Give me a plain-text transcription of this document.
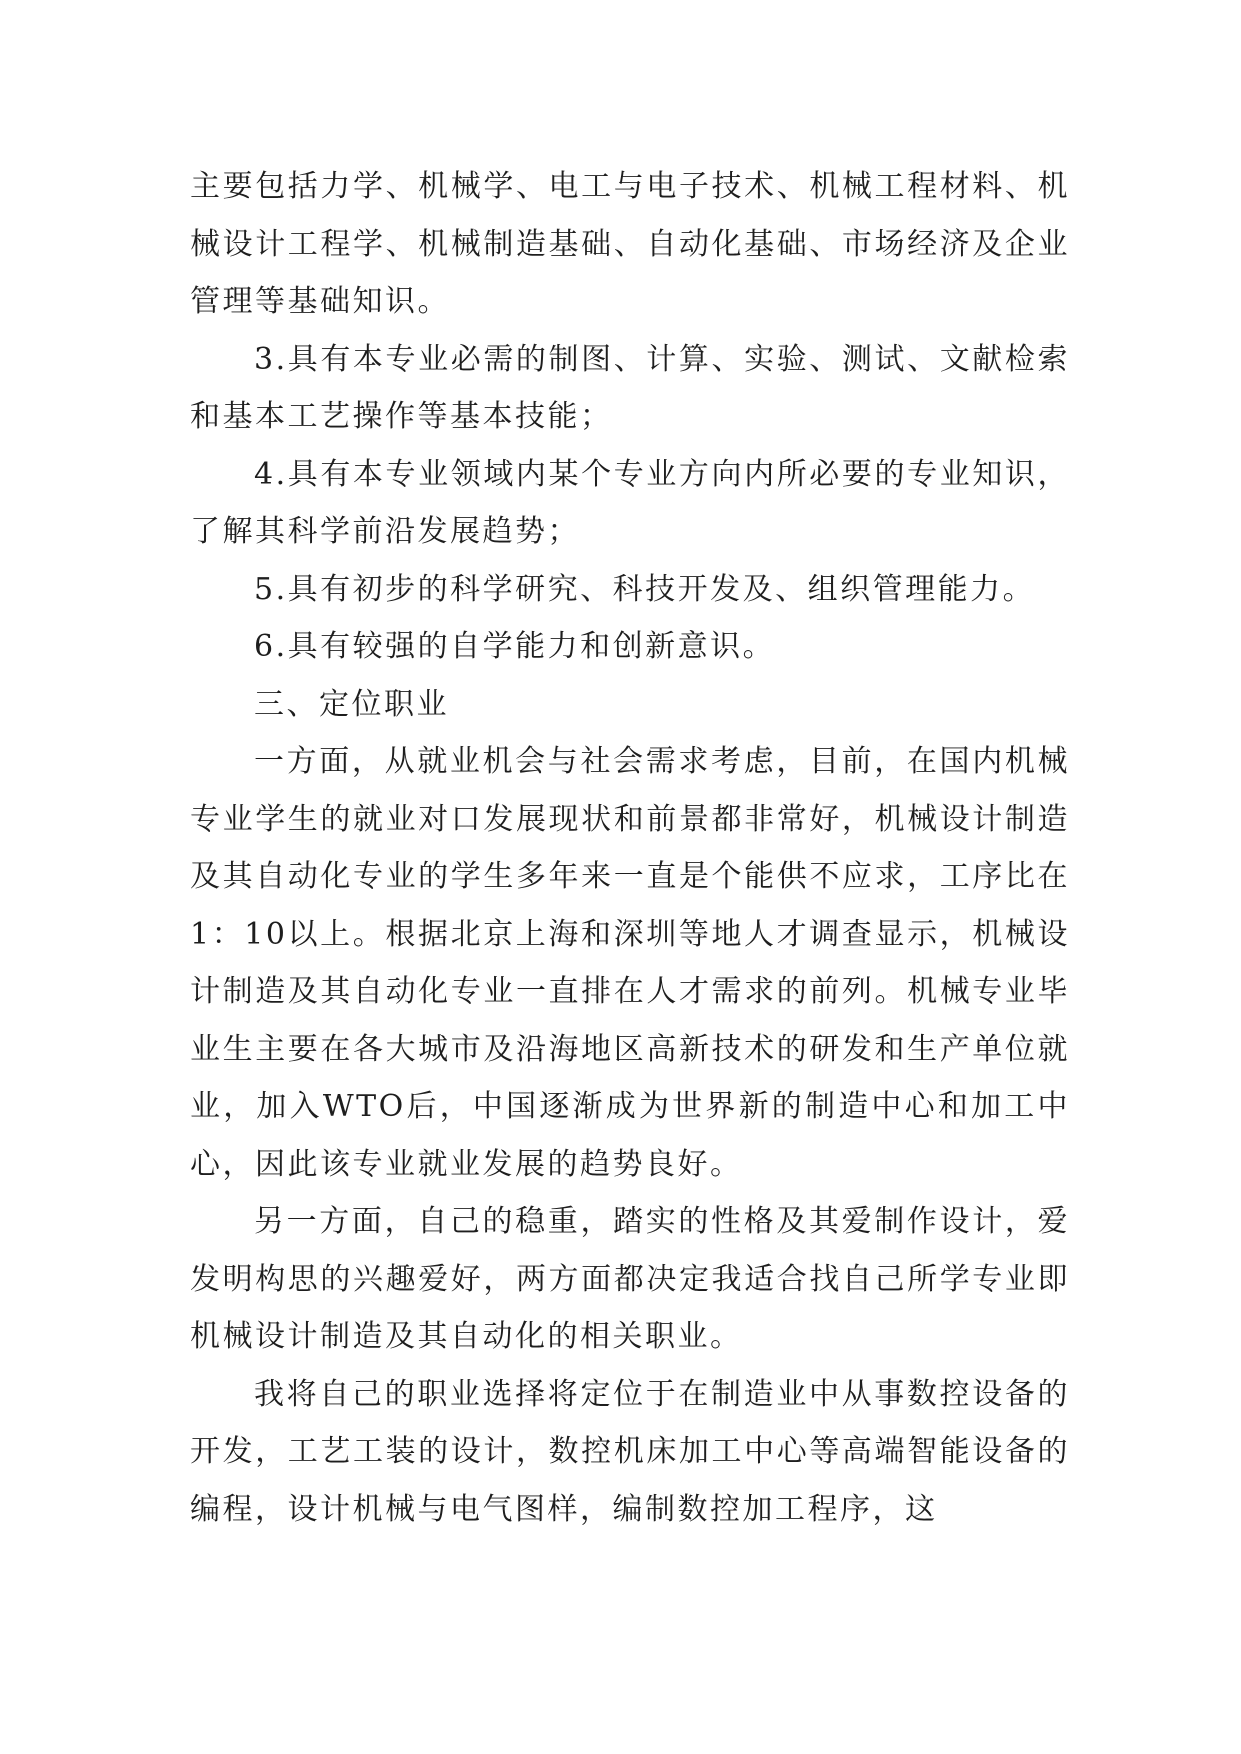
主要包括力学、机械学、电工与电子技术、机械工程材料、机械设计工程学、机械制造基础、自动化基础、市场经济及企业管理等基础知识。

3.具有本专业必需的制图、计算、实验、测试、文献检索和基本工艺操作等基本技能；

4.具有本专业领域内某个专业方向内所必要的专业知识，了解其科学前沿发展趋势；

5.具有初步的科学研究、科技开发及、组织管理能力。

6.具有较强的自学能力和创新意识。

三、定位职业

一方面，从就业机会与社会需求考虑，目前，在国内机械专业学生的就业对口发展现状和前景都非常好，机械设计制造及其自动化专业的学生多年来一直是个能供不应求，工序比在1：10以上。根据北京上海和深圳等地人才调查显示，机械设计制造及其自动化专业一直排在人才需求的前列。机械专业毕业生主要在各大城市及沿海地区高新技术的研发和生产单位就业，加入WTO后，中国逐渐成为世界新的制造中心和加工中心，因此该专业就业发展的趋势良好。

另一方面，自己的稳重，踏实的性格及其爱制作设计，爱发明构思的兴趣爱好，两方面都决定我适合找自己所学专业即机械设计制造及其自动化的相关职业。

我将自己的职业选择将定位于在制造业中从事数控设备的开发，工艺工装的设计，数控机床加工中心等高端智能设备的编程，设计机械与电气图样，编制数控加工程序，这
